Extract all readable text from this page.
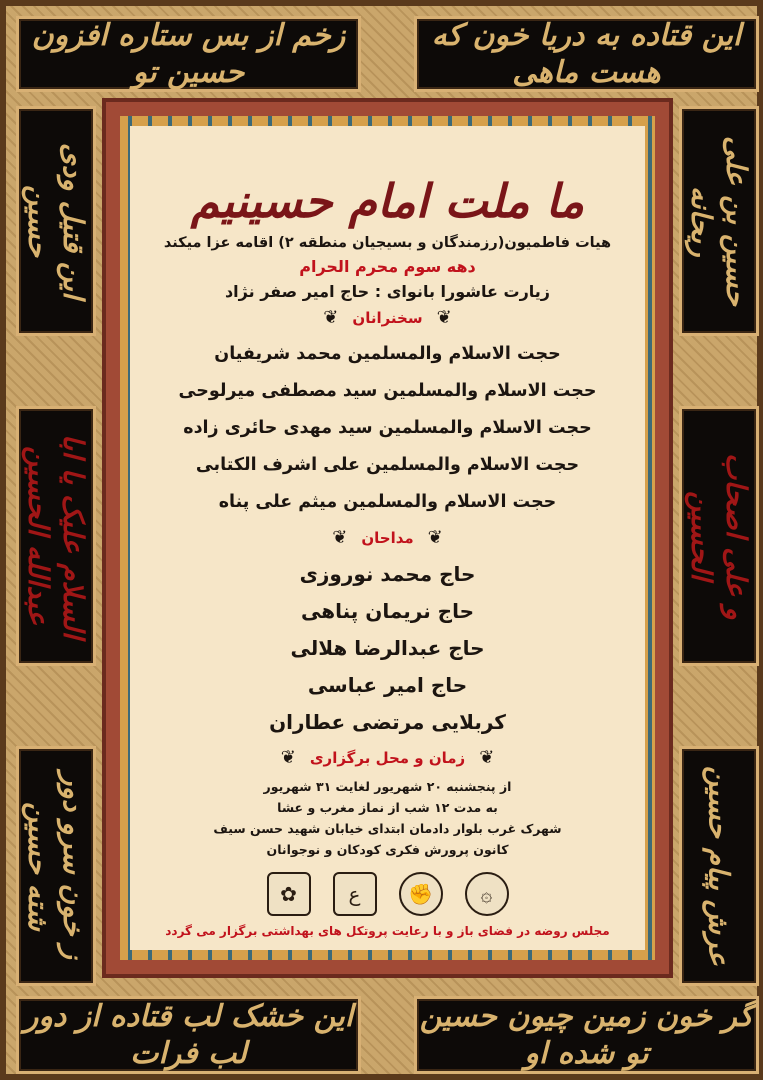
زخم از بس ستاره افزون حسین تو
این قتاده به دریا خون که هست ماهی
این خشک لب قتاده از دور لب فرات
گر خون زمین چیون حسین تو شده او
این قتیل ودی حسین
السلام علیک یا ابا عبدالله الحسین
ز خون سرو دور شته حسین
حسین بن علی ریحانه
و علی اصحاب الحسین
عرش پیام حسین
ما ملت امام حسینیم

هیات فاطمیون(رزمندگان و بسیجیان منطقه ۲) اقامه عزا میکند

دهه سوم محرم الحرام

زیارت عاشورا بانوای : حاج امیر صفر نژاد

❦
سخنرانان
❦

حجت الاسلام والمسلمین محمد شریفیان

حجت الاسلام والمسلمین سید مصطفی میرلوحی

حجت الاسلام والمسلمین سید مهدی حائری زاده

حجت الاسلام والمسلمین علی اشرف الکتابی

حجت الاسلام والمسلمین میثم علی پناه

❦
مداحان
❦

حاج محمد نوروزی

حاج نریمان پناهی

حاج عبدالرضا هلالی

حاج امیر عباسی

کربلایی مرتضی عطاران

❦
زمان و محل برگزاری
❦

از پنجشنبه ۲۰ شهریور لغایت ۳۱ شهریور

به مدت ۱۲ شب از نماز مغرب و عشا

شهرک غرب بلوار دادمان ابتدای خیابان شهید حسن سیف

کانون پرورش فکری کودکان و نوجوانان

✿	ع	✊	۞

مجلس روضه در فضای باز و با رعایت پروتکل های بهداشتی برگزار می گردد
